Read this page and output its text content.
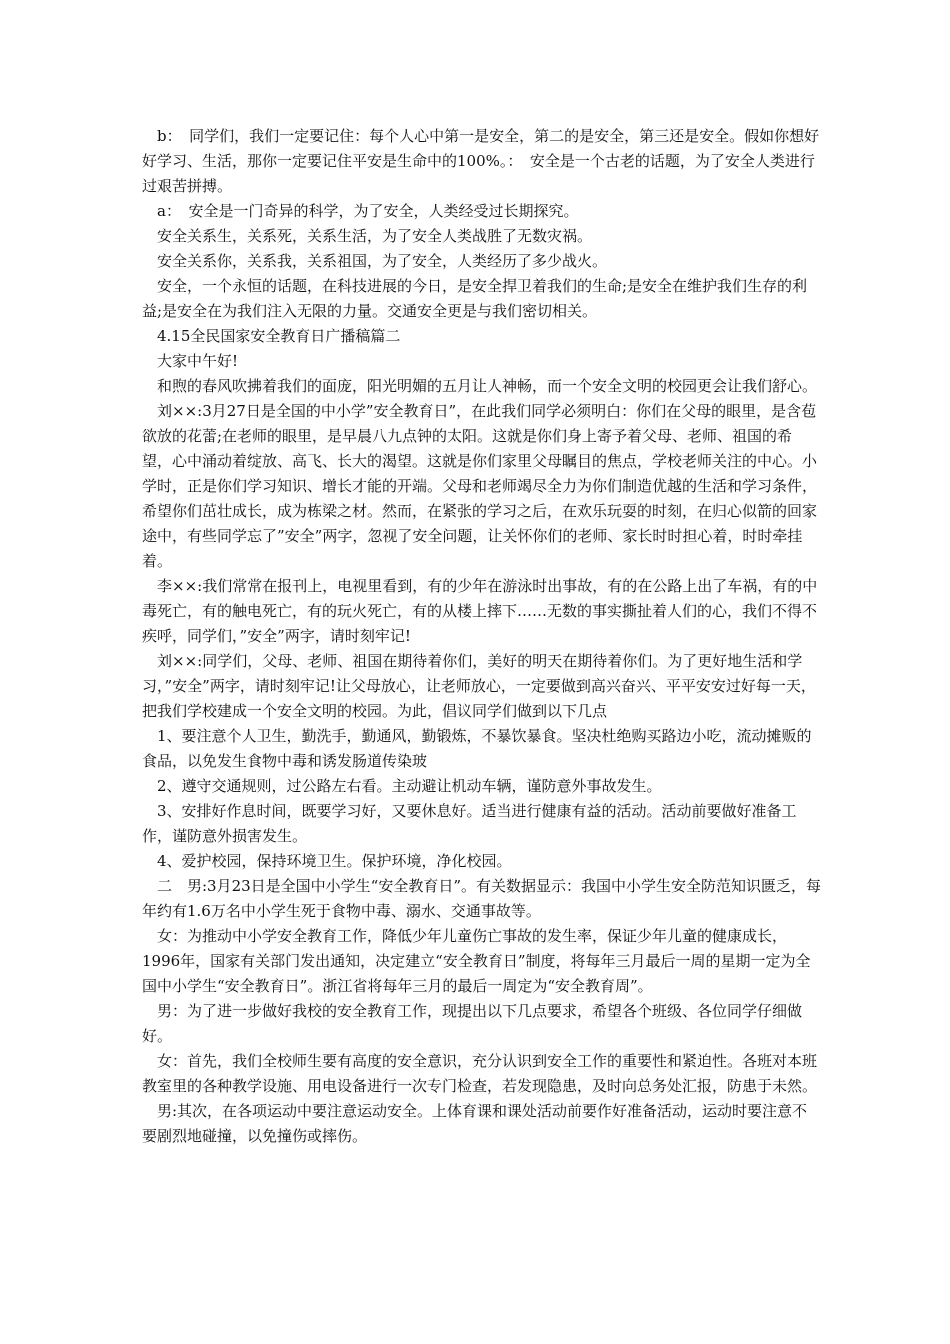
b：　同学们，我们一定要记住：每个人心中第一是安全，第二的是安全，第三还是安全。假如你想好好学习、生活，那你一定要记住平安是生命中的100%。：　安全是一个古老的话题，为了安全人类进行过艰苦拼搏。

a：　安全是一门奇异的科学，为了安全，人类经受过长期探究。

安全关系生，关系死，关系生活，为了安全人类战胜了无数灾祸。

安全关系你，关系我，关系祖国，为了安全，人类经历了多少战火。

安全，一个永恒的话题，在科技进展的今日，是安全捍卫着我们的生命;是安全在维护我们生存的利益;是安全在为我们注入无限的力量。交通安全更是与我们密切相关。

4.15全民国家安全教育日广播稿篇二

大家中午好!

和煦的春风吹拂着我们的面庞，阳光明媚的五月让人神畅，而一个安全文明的校园更会让我们舒心。

刘××:3月27日是全国的中小学”安全教育日”，在此我们同学必须明白：你们在父母的眼里，是含苞欲放的花蕾;在老师的眼里，是早晨八九点钟的太阳。这就是你们身上寄予着父母、老师、祖国的希望，心中涌动着绽放、高飞、长大的渴望。这就是你们家里父母瞩目的焦点，学校老师关注的中心。小学时，正是你们学习知识、增长才能的开端。父母和老师竭尽全力为你们制造优越的生活和学习条件，希望你们茁壮成长，成为栋梁之材。然而，在紧张的学习之后，在欢乐玩耍的时刻，在归心似箭的回家途中，有些同学忘了”安全”两字，忽视了安全问题，让关怀你们的老师、家长时时担心着，时时牵挂着。

李××:我们常常在报刊上，电视里看到，有的少年在游泳时出事故，有的在公路上出了车祸，有的中毒死亡，有的触电死亡，有的玩火死亡，有的从楼上摔下……无数的事实撕扯着人们的心，我们不得不疾呼，同学们，”安全”两字，请时刻牢记!

刘××:同学们，父母、老师、祖国在期待着你们，美好的明天在期待着你们。为了更好地生活和学习，”安全”两字，请时刻牢记!让父母放心，让老师放心，一定要做到高兴奋兴、平平安安过好每一天，把我们学校建成一个安全文明的校园。为此，倡议同学们做到以下几点

1、要注意个人卫生，勤洗手，勤通风，勤锻炼，不暴饮暴食。坚决杜绝购买路边小吃，流动摊贩的食品，以免发生食物中毒和诱发肠道传染玻

2、遵守交通规则，过公路左右看。主动避让机动车辆，谨防意外事故发生。

3、安排好作息时间，既要学习好，又要休息好。适当进行健康有益的活动。活动前要做好准备工作，谨防意外损害发生。

4、爱护校园，保持环境卫生。保护环境，净化校园。

二　男:3月23日是全国中小学生“安全教育日”。有关数据显示：我国中小学生安全防范知识匮乏，每年约有1.6万名中小学生死于食物中毒、溺水、交通事故等。

女：为推动中小学安全教育工作，降低少年儿童伤亡事故的发生率，保证少年儿童的健康成长，1996年，国家有关部门发出通知，决定建立“安全教育日”制度，将每年三月最后一周的星期一定为全国中小学生“安全教育日”。浙江省将每年三月的最后一周定为“安全教育周”。

男：为了进一步做好我校的安全教育工作，现提出以下几点要求，希望各个班级、各位同学仔细做好。

女：首先，我们全校师生要有高度的安全意识，充分认识到安全工作的重要性和紧迫性。各班对本班教室里的各种教学设施、用电设备进行一次专门检查，若发现隐患，及时向总务处汇报，防患于未然。

男:其次，在各项运动中要注意运动安全。上体育课和课处活动前要作好准备活动，运动时要注意不要剧烈地碰撞，以免撞伤或摔伤。
